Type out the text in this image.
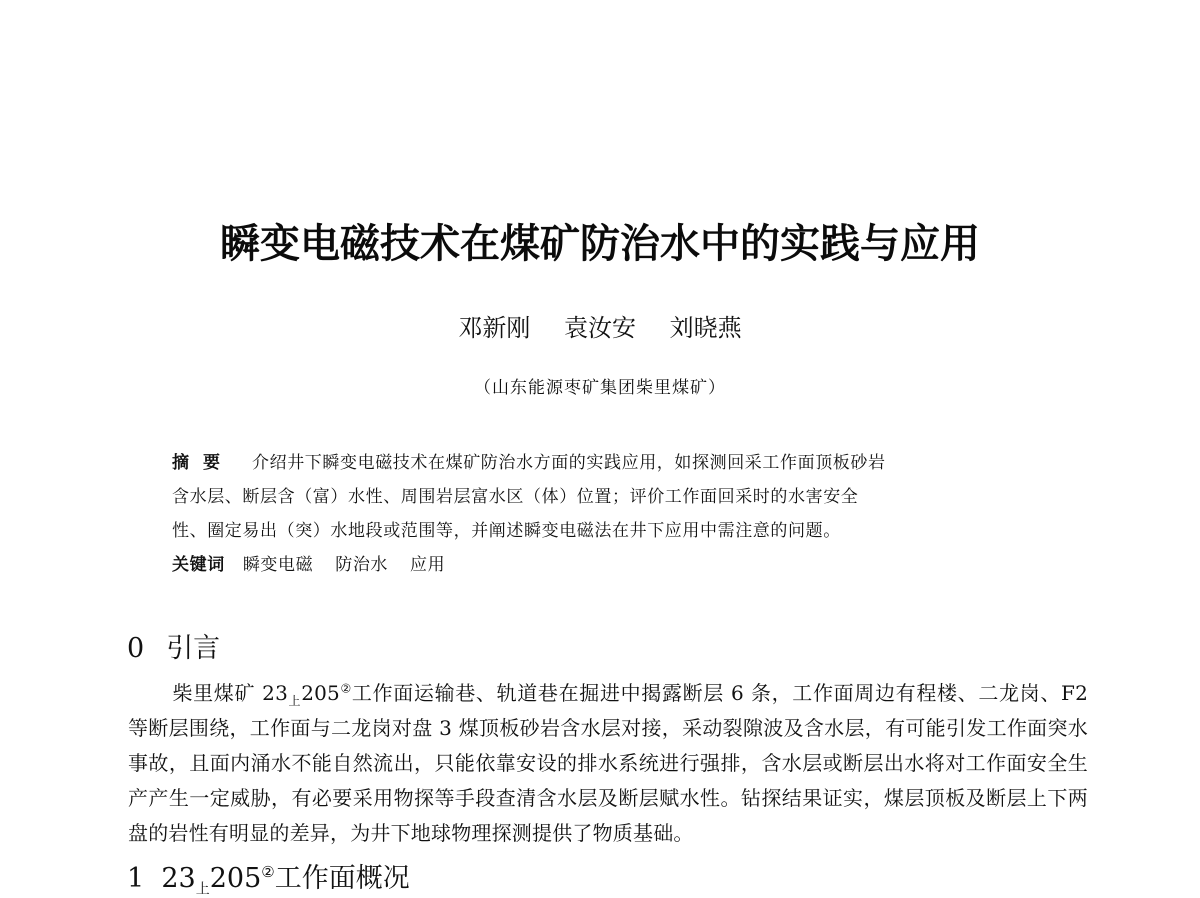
瞬变电磁技术在煤矿防治水中的实践与应用
邓新刚 袁汝安 刘晓燕
（山东能源枣矿集团柴里煤矿）
摘要 介绍井下瞬变电磁技术在煤矿防治水方面的实践应用，如探测回采工作面顶板砂岩
含水层、断层含（富）水性、周围岩层富水区（体）位置；评价工作面回采时的水害安全
性、圈定易出（突）水地段或范围等，并阐述瞬变电磁法在井下应用中需注意的问题。
关键词 瞬变电磁 防治水 应用
0 引言
柴里煤矿 $23_上205^②$工作面运输巷、轨道巷在掘进中揭露断层 6 条，工作面周边有程楼、二龙岗、F2 等断层围绕，工作面与二龙岗对盘 3 煤顶板砂岩含水层对接，采动裂隙波及含水层，有可能引发工作面突水事故，且面内涌水不能自然流出，只能依靠安设的排水系统进行强排，含水层或断层出水将对工作面安全生产产生一定威胁，有必要采用物探等手段查清含水层及断层赋水性。钻探结果证实，煤层顶板及断层上下两盘的岩性有明显的差异，为井下地球物理探测提供了物质基础。
1 $23_上205^②$工作面概况
